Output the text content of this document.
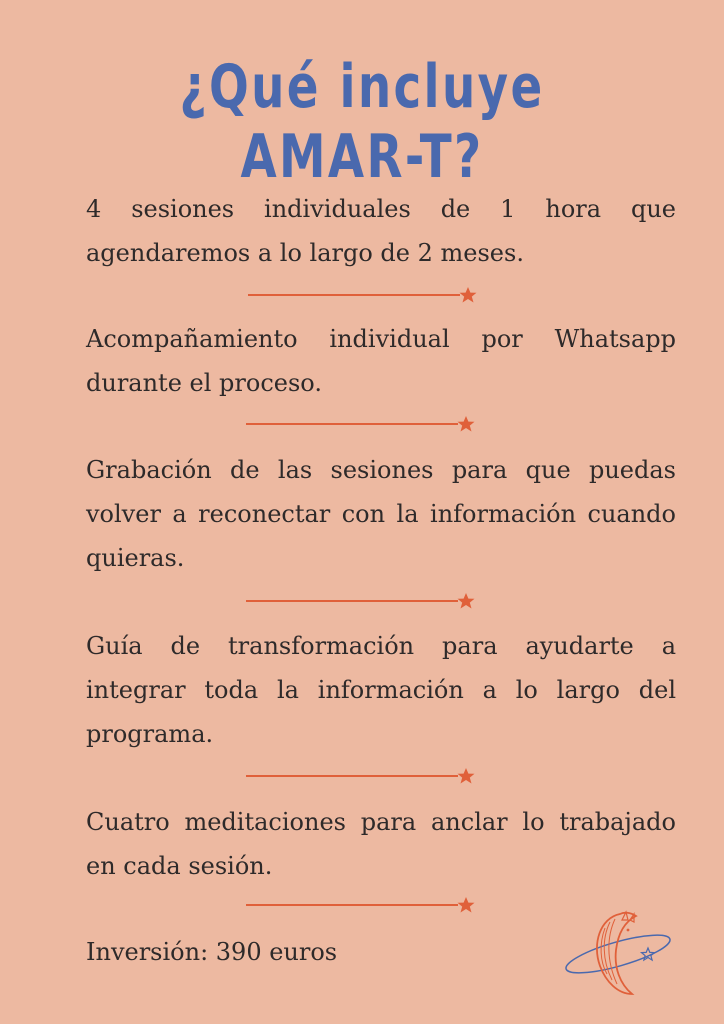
¿Qué incluye AMAR-T?

4 sesiones individuales de 1 hora que agendaremos a lo largo de 2 meses.

Acompañamiento individual por Whatsapp durante el proceso.

Grabación de las sesiones para que puedas volver a reconectar con la información cuando quieras.

Guía de transformación para ayudarte a integrar toda la información a lo largo del programa.

Cuatro meditaciones para anclar lo trabajado en cada sesión.

Inversión: 390 euros
